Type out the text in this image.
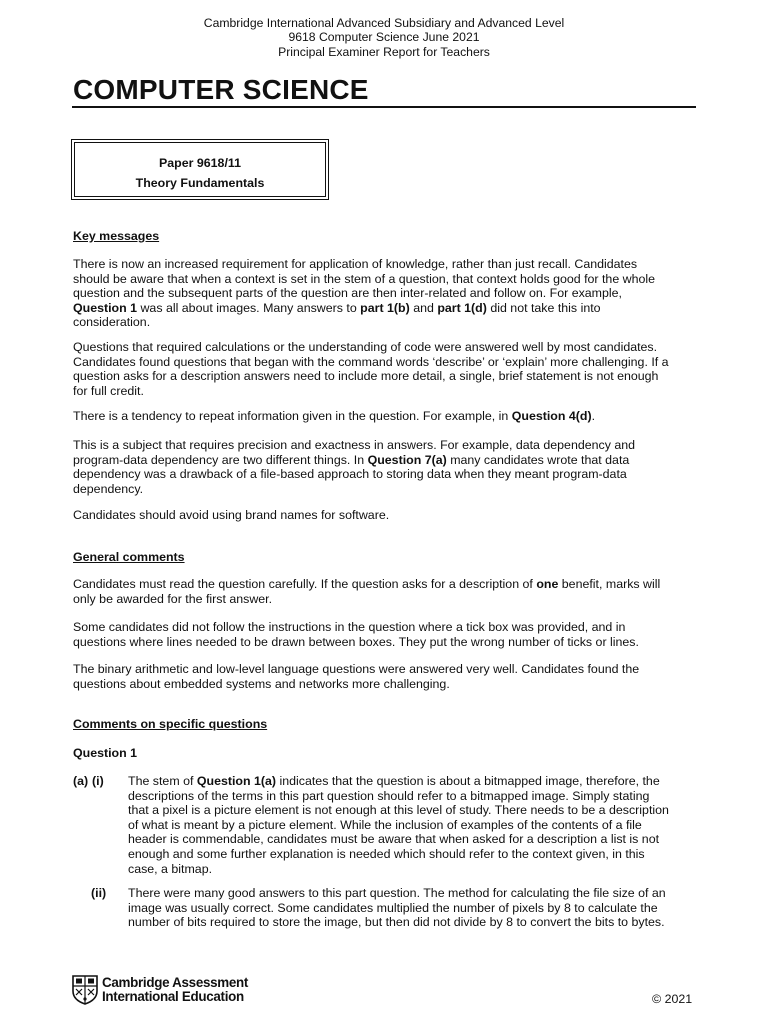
Cambridge International Advanced Subsidiary and Advanced Level
9618 Computer Science June 2021
Principal Examiner Report for Teachers
COMPUTER SCIENCE
Paper 9618/11
Theory Fundamentals
Key messages
There is now an increased requirement for application of knowledge, rather than just recall. Candidates
should be aware that when a context is set in the stem of a question, that context holds good for the whole
question and the subsequent parts of the question are then inter-related and follow on. For example,
Question 1 was all about images. Many answers to part 1(b) and part 1(d) did not take this into
consideration.
Questions that required calculations or the understanding of code were answered well by most candidates.
Candidates found questions that began with the command words ‘describe’ or ‘explain’ more challenging. If a
question asks for a description answers need to include more detail, a single, brief statement is not enough
for full credit.
There is a tendency to repeat information given in the question. For example, in Question 4(d).
This is a subject that requires precision and exactness in answers. For example, data dependency and
program-data dependency are two different things. In Question 7(a) many candidates wrote that data
dependency was a drawback of a file-based approach to storing data when they meant program-data
dependency.
Candidates should avoid using brand names for software.
General comments
Candidates must read the question carefully. If the question asks for a description of one benefit, marks will
only be awarded for the first answer.
Some candidates did not follow the instructions in the question where a tick box was provided, and in
questions where lines needed to be drawn between boxes. They put the wrong number of ticks or lines.
The binary arithmetic and low-level language questions were answered very well. Candidates found the
questions about embedded systems and networks more challenging.
Comments on specific questions
Question 1
(a) (i) The stem of Question 1(a) indicates that the question is about a bitmapped image, therefore, the
descriptions of the terms in this part question should refer to a bitmapped image. Simply stating
that a pixel is a picture element is not enough at this level of study. There needs to be a description
of what is meant by a picture element. While the inclusion of examples of the contents of a file
header is commendable, candidates must be aware that when asked for a description a list is not
enough and some further explanation is needed which should refer to the context given, in this
case, a bitmap.
(ii) There were many good answers to this part question. The method for calculating the file size of an
image was usually correct. Some candidates multiplied the number of pixels by 8 to calculate the
number of bits required to store the image, but then did not divide by 8 to convert the bits to bytes.
Cambridge Assessment
International Education	© 2021
